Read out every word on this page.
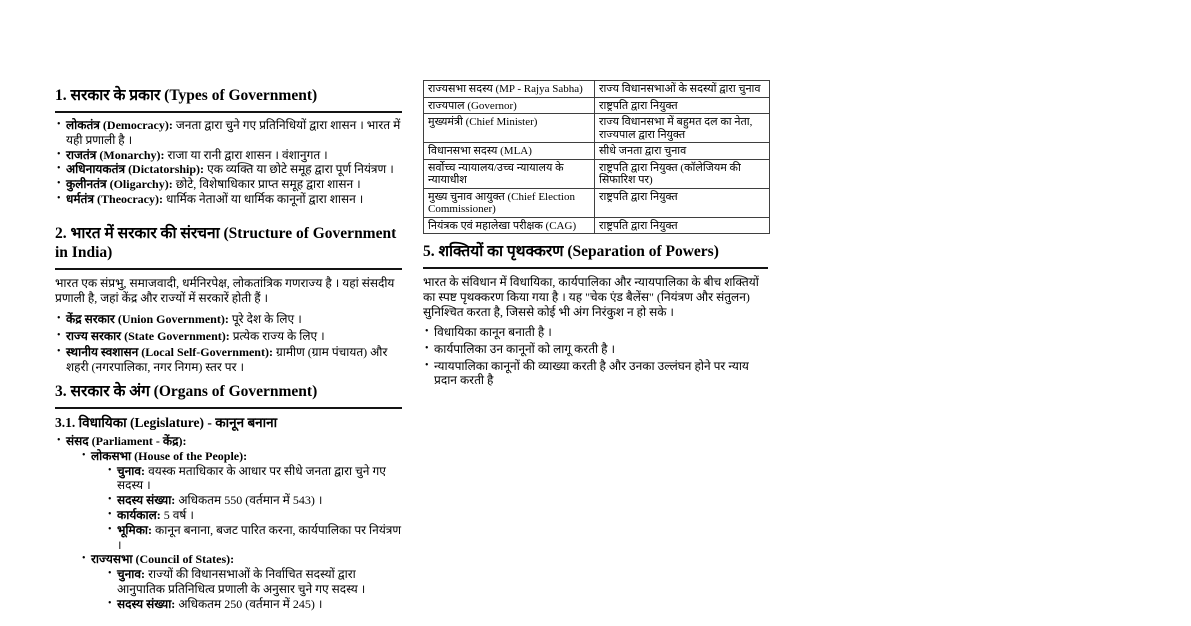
1. सरकार के प्रकार (Types of Government)
• लोकतंत्र (Democracy): जनता द्वारा चुने गए प्रतिनिधियों द्वारा शासन । भारत में यही प्रणाली है ।
• राजतंत्र (Monarchy): राजा या रानी द्वारा शासन । वंशानुगत ।
• अधिनायकतंत्र (Dictatorship): एक व्यक्ति या छोटे समूह द्वारा पूर्ण नियंत्रण ।
• कुलीनतंत्र (Oligarchy): छोटे, विशेषाधिकार प्राप्त समूह द्वारा शासन ।
• धर्मतंत्र (Theocracy): धार्मिक नेताओं या धार्मिक कानूनों द्वारा शासन ।
2. भारत में सरकार की संरचना (Structure of Government in India)

भारत एक संप्रभु, समाजवादी, धर्मनिरपेक्ष, लोकतांत्रिक गणराज्य है । यहां संसदीय प्रणाली है, जहां केंद्र और राज्यों में सरकारें होती हैं ।

• केंद्र सरकार (Union Government): पूरे देश के लिए ।
• राज्य सरकार (State Government): प्रत्येक राज्य के लिए ।
• स्थानीय स्वशासन (Local Self-Government): ग्रामीण (ग्राम पंचायत) और शहरी (नगरपालिका, नगर निगम) स्तर पर ।
3. सरकार के अंग (Organs of Government)
3.1. विधायिका (Legislature) - कानून बनाना
• संसद (Parliament - केंद्र):
• लोकसभा (House of the People):
• चुनाव: वयस्क मताधिकार के आधार पर सीधे जनता द्वारा चुने गए सदस्य ।
• सदस्य संख्या: अधिकतम 550 (वर्तमान में 543) ।
• कार्यकाल: 5 वर्ष ।
• भूमिका: कानून बनाना, बजट पारित करना, कार्यपालिका पर नियंत्रण ।
• राज्यसभा (Council of States):
• चुनाव: राज्यों की विधानसभाओं के निर्वाचित सदस्यों द्वारा आनुपातिक प्रतिनिधित्व प्रणाली के अनुसार चुने गए सदस्य ।
• सदस्य संख्या: अधिकतम 250 (वर्तमान में 245) ।
राज्यसभा सदस्य (MP - Rajya Sabha)	राज्य विधानसभाओं के सदस्यों द्वारा चुनाव
राज्यपाल (Governor)	राष्ट्रपति द्वारा नियुक्त
मुख्यमंत्री (Chief Minister)	राज्य विधानसभा में बहुमत दल का नेता, राज्यपाल द्वारा नियुक्त
विधानसभा सदस्य (MLA)	सीधे जनता द्वारा चुनाव
सर्वोच्च न्यायालय/उच्च न्यायालय के न्यायाधीश	राष्ट्रपति द्वारा नियुक्त (कॉलेजियम की सिफारिश पर)
मुख्य चुनाव आयुक्त (Chief Election Commissioner)	राष्ट्रपति द्वारा नियुक्त
नियंत्रक एवं महालेखा परीक्षक (CAG)	राष्ट्रपति द्वारा नियुक्त
5. शक्तियों का पृथक्करण (Separation of Powers)

भारत के संविधान में विधायिका, कार्यपालिका और न्यायपालिका के बीच शक्तियों का स्पष्ट पृथक्करण किया गया है । यह "चेक एंड बैलेंस" (नियंत्रण और संतुलन) सुनिश्चित करता है, जिससे कोई भी अंग निरंकुश न हो सके ।

• विधायिका कानून बनाती है ।
• कार्यपालिका उन कानूनों को लागू करती है ।
• न्यायपालिका कानूनों की व्याख्या करती है और उनका उल्लंघन होने पर न्याय प्रदान करती है
